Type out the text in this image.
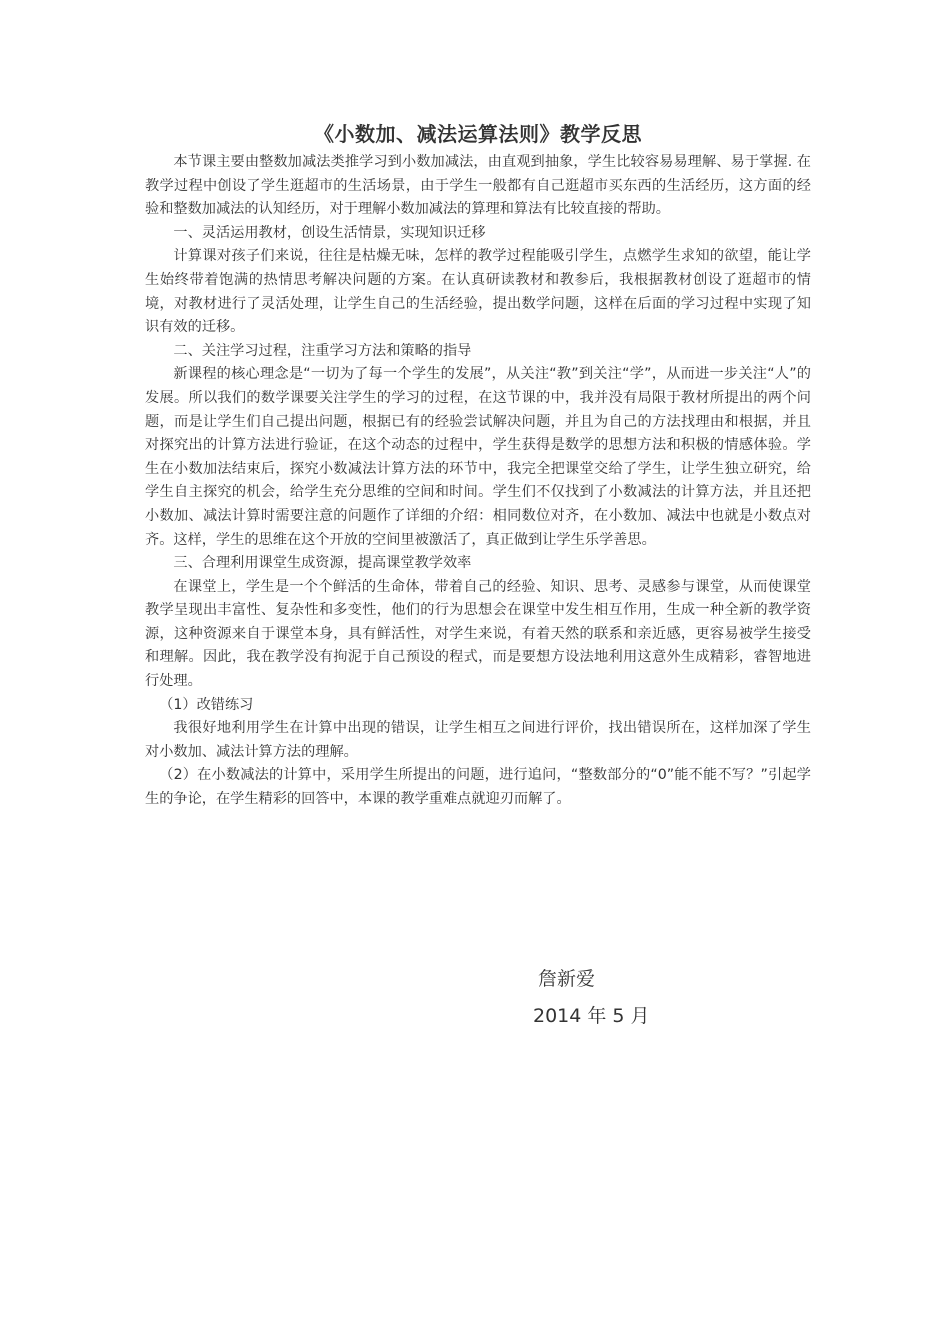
《小数加、减法运算法则》教学反思

本节课主要由整数加减法类推学习到小数加减法，由直观到抽象，学生比较容易易理解、易于掌握. 在教学过程中创设了学生逛超市的生活场景，由于学生一般都有自己逛超市买东西的生活经历，这方面的经验和整数加减法的认知经历，对于理解小数加减法的算理和算法有比较直接的帮助。

一、灵活运用教材，创设生活情景，实现知识迁移

计算课对孩子们来说，往往是枯燥无味，怎样的教学过程能吸引学生，点燃学生求知的欲望，能让学生始终带着饱满的热情思考解决问题的方案。在认真研读教材和教参后，我根据教材创设了逛超市的情境，对教材进行了灵活处理，让学生自己的生活经验，提出数学问题，这样在后面的学习过程中实现了知识有效的迁移。

二、关注学习过程，注重学习方法和策略的指导

新课程的核心理念是“一切为了每一个学生的发展”，从关注“教”到关注“学”，从而进一步关注“人”的发展。所以我们的数学课要关注学生的学习的过程，在这节课的中，我并没有局限于教材所提出的两个问题，而是让学生们自己提出问题，根据已有的经验尝试解决问题，并且为自己的方法找理由和根据，并且对探究出的计算方法进行验证，在这个动态的过程中，学生获得是数学的思想方法和积极的情感体验。学生在小数加法结束后，探究小数减法计算方法的环节中，我完全把课堂交给了学生，让学生独立研究，给学生自主探究的机会，给学生充分思维的空间和时间。学生们不仅找到了小数减法的计算方法，并且还把小数加、减法计算时需要注意的问题作了详细的介绍：相同数位对齐，在小数加、减法中也就是小数点对齐。这样，学生的思维在这个开放的空间里被激活了，真正做到让学生乐学善思。

三、合理利用课堂生成资源，提高课堂教学效率

在课堂上，学生是一个个鲜活的生命体，带着自己的经验、知识、思考、灵感参与课堂，从而使课堂教学呈现出丰富性、复杂性和多变性，他们的行为思想会在课堂中发生相互作用，生成一种全新的教学资源，这种资源来自于课堂本身，具有鲜活性，对学生来说，有着天然的联系和亲近感，更容易被学生接受和理解。因此，我在教学没有拘泥于自己预设的程式，而是要想方设法地利用这意外生成精彩，睿智地进行处理。

（1）改错练习

我很好地利用学生在计算中出现的错误，让学生相互之间进行评价，找出错误所在，这样加深了学生对小数加、减法计算方法的理解。

（2）在小数减法的计算中，采用学生所提出的问题，进行追问，“整数部分的“0”能不能不写？”引起学生的争论，在学生精彩的回答中，本课的教学重难点就迎刃而解了。

詹新爱
2014 年 5 月
